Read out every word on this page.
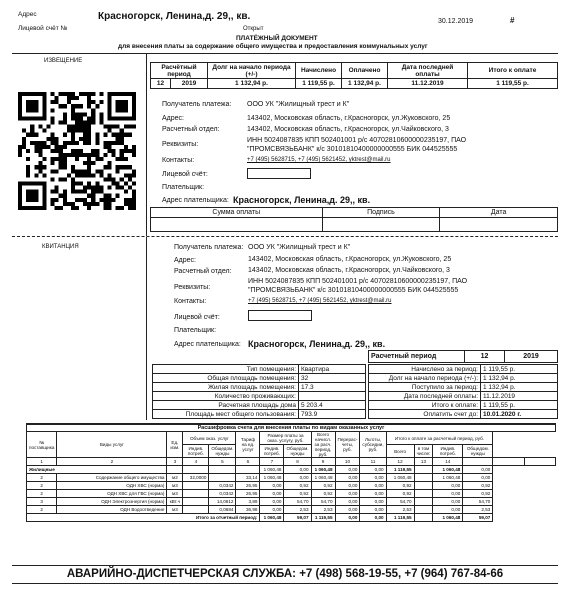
Адрес	Красногорск, Ленина,д. 29,, кв.	30.12.2019	#
Лицевой счёт №	Открыт
ПЛАТЁЖНЫЙ ДОКУМЕНТ
для внесения платы за содержание общего имущества и предоставления коммунальных услуг
ИЗВЕЩЕНИЕ
Расчётный период		Долг на начало периода (+/-)	Начислено	Оплачено	Дата последней оплаты	Итого к оплате
12	2019	1 132,94 р.	1 119,55 р.	1 132,94 р.	11.12.2019	1 119,55 р.
Получатель платежа: ООО УК "Жилищный трест и К"
Адрес:	143402, Московская область, г.Красногорск, ул.Жуковского, 25
Расчетный отдел:	143402, Московская область, г.Красногорск, ул.Чайковского, 3
Реквизиты:
ИНН 5024087835 КПП 502401001 р/с 40702810600000235197, ПАО
"ПРОМСВЯЗЬБАНК" к/с 30101810400000000555 БИК 044525555
Контакты:	+7 (495) 5628715, +7 (495) 5621452, yktrest@mail.ru
Лицевой счёт:
Плательщик:
Адрес плательщика: Красногорск, Ленина,д. 29,, кв.
Сумма оплаты	Подпись	Дата

КВИТАНЦИЯ	Получатель платежа: ООО УК "Жилищный трест и К"
Адрес:	143402, Московская область, г.Красногорск, ул.Жуковского, 25
Расчетный отдел: 143402, Московская область, г.Красногорск, ул.Чайковского, 3
Реквизиты:
ИНН 5024087835 КПП 502401001 р/с 40702810600000235197, ПАО
"ПРОМСВЯЗЬБАНК" к/с 30101810400000000555 БИК 044525555
Контакты:	+7 (495) 5628715, +7 (495) 5621452, yktrest@mail.ru
Лицевой счёт:
Плательщик:
Адрес плательщика: Красногорск, Ленина,д. 29,, кв.
Расчетный период	12	2019
Тип помещения:	Квартира
Общая площадь помещения:	32
Жилая площадь помещения:	17.3
Количество проживающих:	
Расчетная площадь дома	5 203.4
Площадь мест общего пользования:	793.9
Начислено за период:	1 119,55 р.
Долг на начало периода (+/-):	1 132,94 р.
Поступило за период:	1 132,94 р.
Дата последней оплаты:	11.12.2019
Итого к оплате:	1 119,55 р.
Оплатить счет до:	10.01.2020 г.
Расшифровка счета для внесения платы по видам оказанных услуг																
№ поставщика	Виды услуг	Ед. изм.	Объем оказ. услуг		Тариф на ед. услуг	Размер платы за оказ. услугу, руб.		Всего начисл. за расч. период, руб.	Перерас- четы, руб.	Льготы, субсидии, руб.	Итого к оплате за расчетный период, руб.					
			Индив. потреб.	Общедом. нужды		Индив. потреб.	Общедом. нужды				Всего	в том числе:	Индив. потреб.	Общедом. нужды		
1	2	3	4	5	6	7	8	9	10	11	12	13	14			
Жилищные						1 060,48	0,00	1 060,48	0,00	0,00	1 119,55		1 060,48	0,00		
2	Содержание общего имущества	м2	32,0000		33,14	1 060,48	0,00	1 060,48	0,00	0,00	1 060,48		1 060,48	0,00		
2	ОДН ХВС (норма)	м3		0,0342	26,95	0,00	0,92	0,92	0,00	0,00	0,92		0,00	0,92		
2	ОДН ХВС для ГВС (норма)	м3		0,0342	26,95	0,00	0,92	0,92	0,00	0,00	0,92		0,00	0,92		
3	ОДН Электроэнергия (норма)	кВт.ч		14,0612	3,89	0,00	54,70	54,70	0,00	0,00	54,70		0,00	54,70		
2	ОДН Водоотведение	м3		0,0684	36,98	0,00	2,53	2,53	0,00	0,00	2,53		0,00	2,53		
Итого за отчетный период:						1 060,48	59,07	1 119,55	0,00	0,00	1 119,55		1 060,48	59,07		
АВАРИЙНО-ДИСПЕТЧЕРСКАЯ СЛУЖБА: +7 (498) 568-19-55, +7 (964) 767-84-66
